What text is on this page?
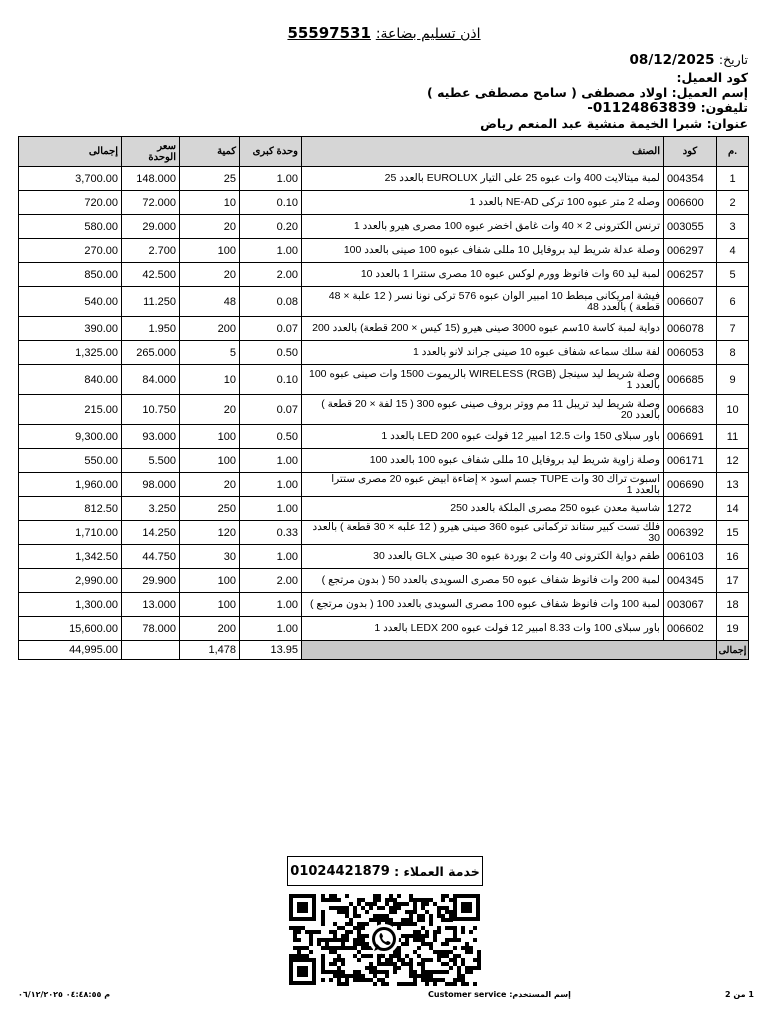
اذن تسليم بضاعة: 55597531
تاريخ: 08/12/2025
كود العميل:
إسم العميل: اولاد مصطفى ( سامح مصطفى عطيه )
تليفون: 01124863839-
عنوان: شبرا الخيمة منشية عبد المنعم رياض
إجمالى	سعر
الوحدة	كمية	وحدة كبرى	الصنف	كود	م.
3,700.00	148.000	25	1.00	لمبة ميتالايت 400 وات عبوه 25 على التيار EUROLUX بالعدد 25	004354	1
720.00	72.000	10	0.10	وصله 2 متر عبوه 100 تركى NE-AD بالعدد 1	006600	2
580.00	29.000	20	0.20	ترنس الكترونى 2 × 40 وات غامق اخضر عبوه 100 مصرى هيرو بالعدد 1	003055	3
270.00	2.700	100	1.00	وصلة عدلة شريط ليد بروفايل 10 مللى شفاف عبوه 100 صينى بالعدد 100	006297	4
850.00	42.500	20	2.00	لمبة ليد 60 وات فانوظ وورم لوكس عبوه 10 مصرى ستترا 1 بالعدد 10	006257	5
540.00	11.250	48	0.08	فيشة امريكانى مبطط 10 امبير الوان عبوه 576 تركى نونا نسر ( 12 علبة × 48 قطعة ) بالعدد 48	006607	6
390.00	1.950	200	0.07	دواية لمبة كاسة 10سم عبوه 3000 صينى هيرو (15 كيس × 200 قطعة) بالعدد 200	006078	7
1,325.00	265.000	5	0.50	لفة سلك سماعه شفاف عبوه 10 صينى جراند لانو بالعدد 1	006053	8
840.00	84.000	10	0.10	وصلة شريط ليد سينجل (RGB) WIRELESS بالريموت 1500 وات صينى عبوه 100 بالعدد 1	006685	9
215.00	10.750	20	0.07	وصلة شريط ليد تريبل 11 مم ووتر بروف صينى عبوه 300 ( 15 لفة × 20 قطعة ) بالعدد 20	006683	10
9,300.00	93.000	100	0.50	باور سبلاى 150 وات 12.5 امبير 12 فولت عبوه LED 200 بالعدد 1	006691	11
550.00	5.500	100	1.00	وصلة زاوية شريط ليد بروفايل 10 مللى شفاف عبوه 100 بالعدد 100	006171	12
1,960.00	98.000	20	1.00	اسبوت تراك 30 وات TUPE جسم اسود × إضاءة ابيض عبوه 20 مصرى ستترا بالعدد 1	006690	13
812.50	3.250	250	1.00	شاسية معدن عبوه 250 مصرى الملكة بالعدد 250	1272	14
1,710.00	14.250	120	0.33	فلك تست كبير ستاند تركمانى عبوه 360 صينى هيرو ( 12 علبه × 30 قطعة ) بالعدد 30	006392	15
1,342.50	44.750	30	1.00	طقم دواية الكترونى 40 وات 2 بوردة عبوه 30 صينى GLX بالعدد 30	006103	16
2,990.00	29.900	100	2.00	لمبة 200 وات فانوظ شفاف عبوه 50 مصرى السويدى بالعدد 50 ( بدون مرتجع )	004345	17
1,300.00	13.000	100	1.00	لمبة 100 وات فانوظ شفاف عبوه 100 مصرى السويدى بالعدد 100 ( بدون مرتجع )	003067	18
15,600.00	78.000	200	1.00	باور سبلاى 100 وات 8.33 امبير 12 فولت عبوه LEDX 200 بالعدد 1	006602	19
44,995.00		1,478	13.95			إجمالى
خدمة العملاء :

01024421879
1 من 2
Customer service إسم المستخدم:
م ٠٤:٤٨:٥٥ ٠٦/١٢/٢٠٢٥
